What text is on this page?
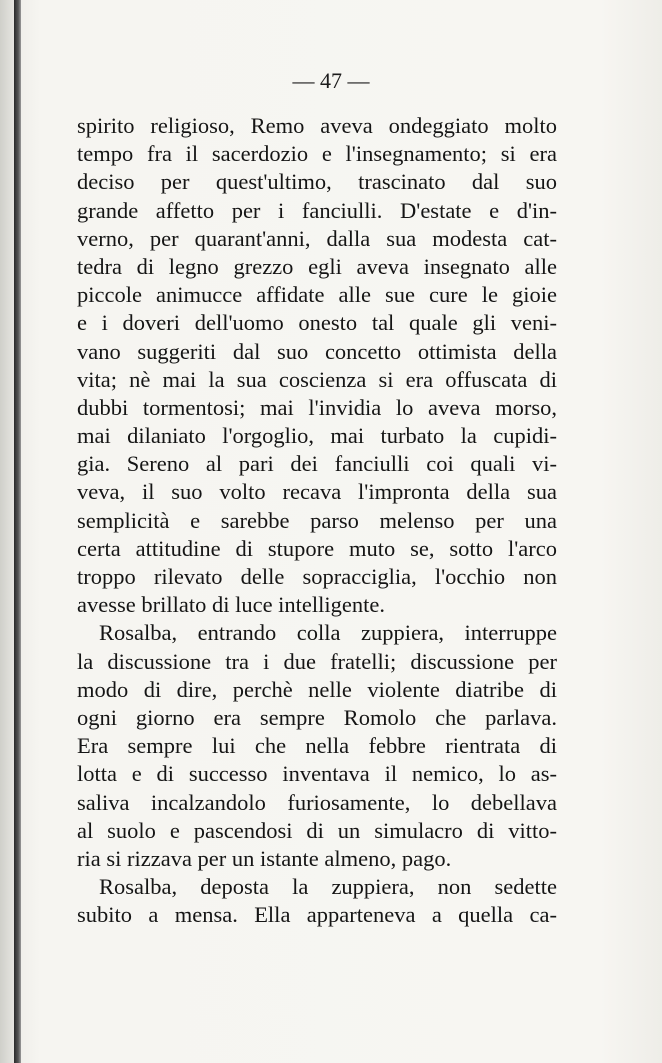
— 47 —
spirito religioso, Remo aveva ondeggiato molto
tempo fra il sacerdozio e l'insegnamento; si era
deciso per quest'ultimo, trascinato dal suo
grande affetto per i fanciulli. D'estate e d'in-
verno, per quarant'anni, dalla sua modesta cat-
tedra di legno grezzo egli aveva insegnato alle
piccole animucce affidate alle sue cure le gioie
e i doveri dell'uomo onesto tal quale gli veni-
vano suggeriti dal suo concetto ottimista della
vita; nè mai la sua coscienza si era offuscata di
dubbi tormentosi; mai l'invidia lo aveva morso,
mai dilaniato l'orgoglio, mai turbato la cupidi-
gia. Sereno al pari dei fanciulli coi quali vi-
veva, il suo volto recava l'impronta della sua
semplicità e sarebbe parso melenso per una
certa attitudine di stupore muto se, sotto l'arco
troppo rilevato delle sopracciglia, l'occhio non
avesse brillato di luce intelligente.
Rosalba, entrando colla zuppiera, interruppe
la discussione tra i due fratelli; discussione per
modo di dire, perchè nelle violente diatribe di
ogni giorno era sempre Romolo che parlava.
Era sempre lui che nella febbre rientrata di
lotta e di successo inventava il nemico, lo as-
saliva incalzandolo furiosamente, lo debellava
al suolo e pascendosi di un simulacro di vitto-
ria si rizzava per un istante almeno, pago.
Rosalba, deposta la zuppiera, non sedette
subito a mensa. Ella apparteneva a quella ca-
